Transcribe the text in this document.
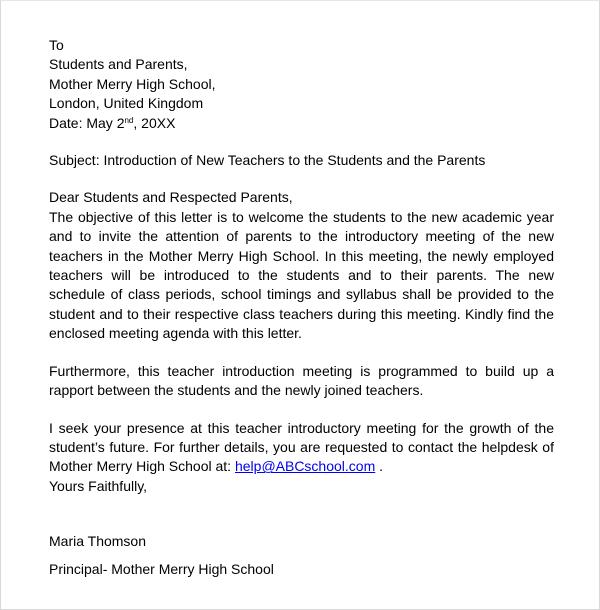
To
Students and Parents,
Mother Merry High School,
London, United Kingdom
Date: May 2nd, 20XX
Subject: Introduction of New Teachers to the Students and the Parents
Dear Students and Respected Parents,

The objective of this letter is to welcome the students to the new academic year and to invite the attention of parents to the introductory meeting of the new teachers in the Mother Merry High School. In this meeting, the newly employed teachers will be introduced to the students and to their parents. The new schedule of class periods, school timings and syllabus shall be provided to the student and to their respective class teachers during this meeting. Kindly find the enclosed meeting agenda with this letter.

Furthermore, this teacher introduction meeting is programmed to build up a rapport between the students and the newly joined teachers.

I seek your presence at this teacher introductory meeting for the growth of the student’s future. For further details, you are requested to contact the helpdesk of Mother Merry High School at: help@ABCschool.com .

Yours Faithfully,
Maria Thomson
Principal- Mother Merry High School
